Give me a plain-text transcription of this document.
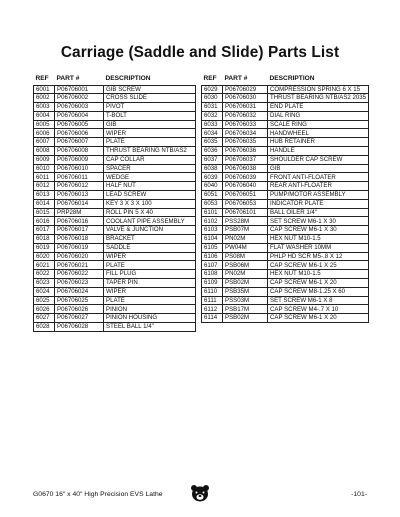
Carriage (Saddle and Slide) Parts List
REF	PART #	DESCRIPTION
6001	P06706001	GIB SCREW
6002	P06706002	CROSS SLIDE
6003	P06706003	PIVOT
6004	P06706004	T-BOLT
6005	P06706005	GIB
6006	P06706006	WIPER
6007	P06706007	PLATE
6008	P06706008	THRUST BEARING NTB/AS2
6009	P06706009	CAP COLLAR
6010	P06706010	SPACER
6011	P06706011	WEDGE
6012	P06706012	HALF NUT
6013	P06706013	LEAD SCREW
6014	P06706014	KEY 3 X 3 X 100
6015	PRP28M	ROLL PIN 5 X 40
6016	P06706016	COOLANT PIPE ASSEMBLY
6017	P06706017	VALVE & JUNCTION
6018	P06706018	BRACKET
6019	P06706019	SADDLE
6020	P06706020	WIPER
6021	P06706021	PLATE
6022	P06706022	FILL PLUG
6023	P06706023	TAPER PIN
6024	P06706024	WIPER
6025	P06706025	PLATE
6026	P06706026	PINION
6027	P06706027	PINION HOUSING
6028	P06706028	STEEL BALL 1/4"
REF	PART #	DESCRIPTION
6029	P06706029	COMPRESSION SPRING 6 X 15
6030	P06706030	THRUST BEARING NTB/AS2 2035
6031	P06706031	END PLATE
6032	P06706032	DIAL RING
6033	P06706033	SCALE RING
6034	P06706034	HANDWHEEL
6035	P06706035	HUB RETAINER
6036	P06706036	HANDLE
6037	P06706037	SHOULDER CAP SCREW
6038	P06706038	GIB
6039	P06706039	FRONT ANTI-FLOATER
6040	P06706040	REAR ANTI-FLOATER
6051	P06706051	PUMP/MOTOR ASSEMBLY
6053	P06706053	INDICATOR PLATE
6101	P06706101	BALL OILER 1/4"
6102	PSS28M	SET SCREW M6-1 X 30
6103	PSB07M	CAP SCREW M6-1 X 30
6104	PN02M	HEX NUT M10-1.5
6105	PW04M	FLAT WASHER 10MM
6106	PS08M	PHLP HD SCR M5-.8 X 12
6107	PSB06M	CAP SCREW M6-1 X 25
6108	PN02M	HEX NUT M10-1.5
6109	PSB02M	CAP SCREW M6-1 X 20
6110	PSB35M	CAP SCREW M8-1.25 X 60
6111	PSS03M	SET SCREW M6-1 X 8
6112	PSB17M	CAP SCREW M4-.7 X 10
6114	PSB02M	CAP SCREW M6-1 X 20
G0670 16" x 40" High Precision EVS Lathe	-101-
